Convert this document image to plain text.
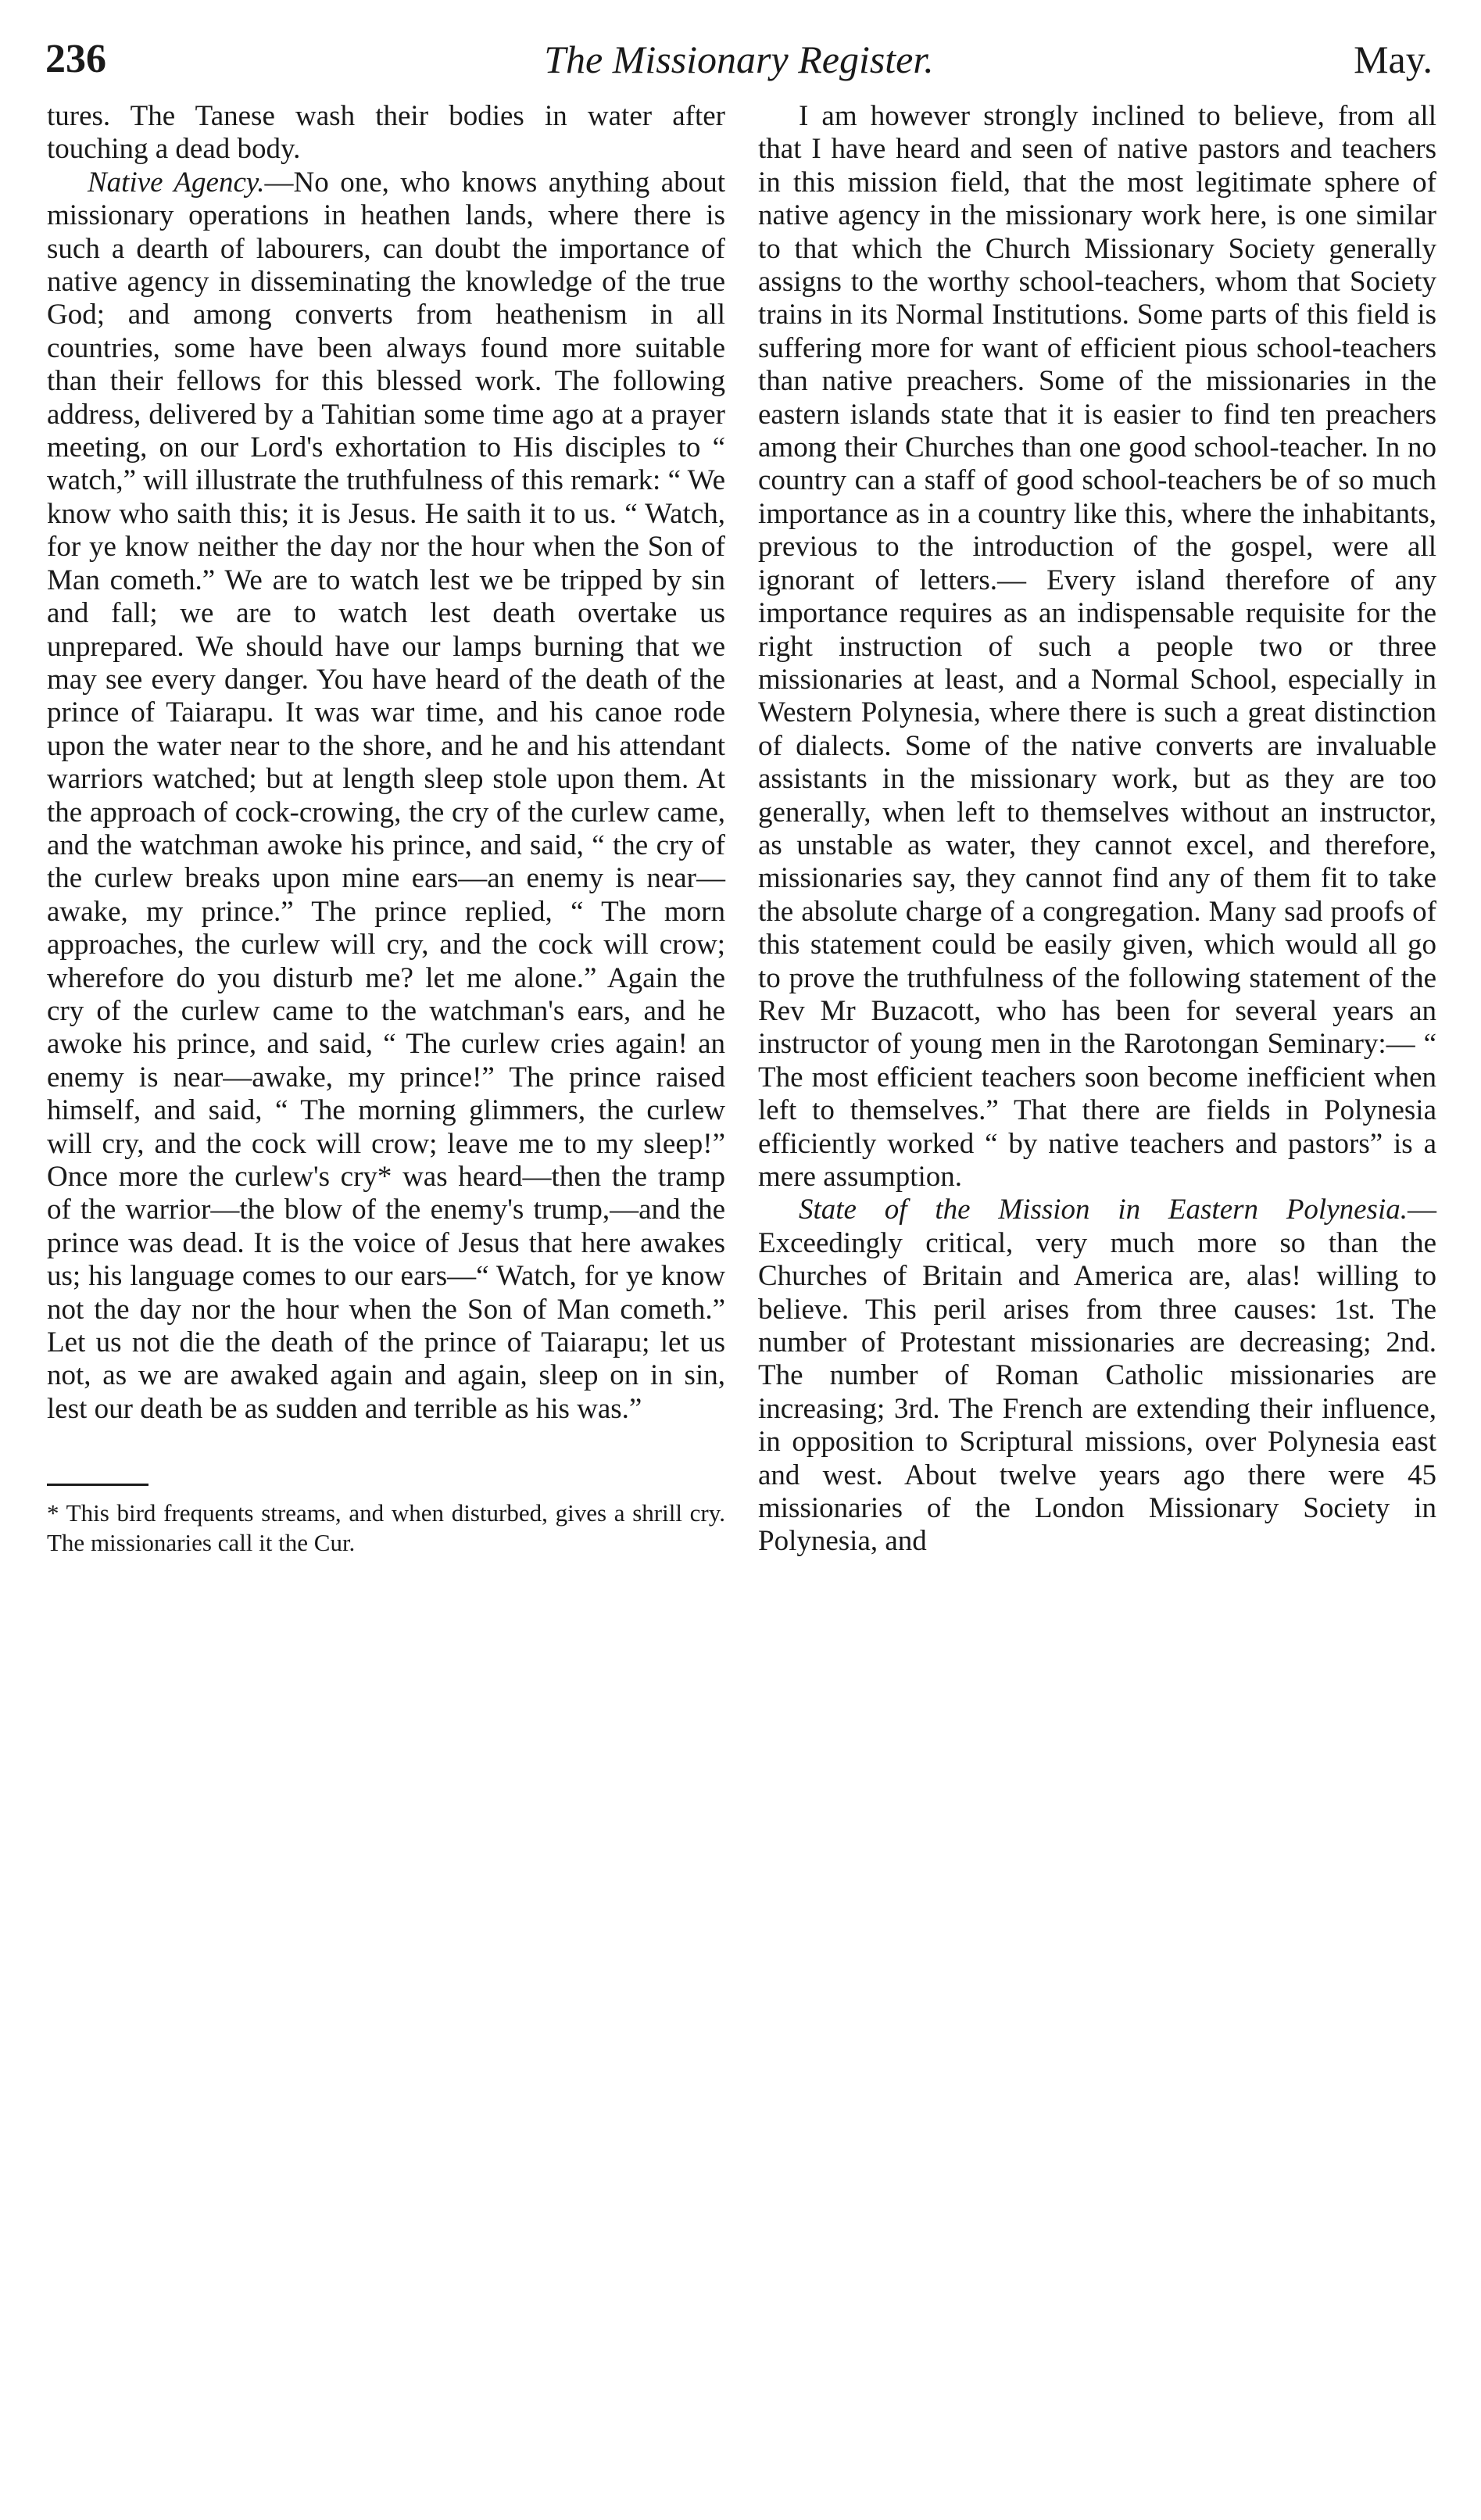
236	The Missionary Register.	May.

tures. The Tanese wash their bodies in water after touching a dead body.

Native Agency.—No one, who knows anything about missionary operations in heathen lands, where there is such a dearth of labourers, can doubt the importance of native agency in disseminating the knowledge of the true God; and among converts from heathenism in all countries, some have been always found more suitable than their fellows for this blessed work. The following address, delivered by a Tahitian some time ago at a prayer meeting, on our Lord's exhortation to His disciples to “ watch,” will illustrate the truthfulness of this remark: “ We know who saith this; it is Jesus. He saith it to us. “ Watch, for ye know neither the day nor the hour when the Son of Man cometh.” We are to watch lest we be tripped by sin and fall; we are to watch lest death overtake us unprepared. We should have our lamps burning that we may see every danger. You have heard of the death of the prince of Taiarapu. It was war time, and his canoe rode upon the water near to the shore, and he and his attendant warriors watched; but at length sleep stole upon them. At the approach of cock-crowing, the cry of the curlew came, and the watchman awoke his prince, and said, “ the cry of the curlew breaks upon mine ears—an enemy is near—awake, my prince.” The prince replied, “ The morn approaches, the curlew will cry, and the cock will crow; wherefore do you disturb me? let me alone.” Again the cry of the curlew came to the watchman's ears, and he awoke his prince, and said, “ The curlew cries again! an enemy is near—awake, my prince!” The prince raised himself, and said, “ The morning glimmers, the curlew will cry, and the cock will crow; leave me to my sleep!” Once more the curlew's cry* was heard—then the tramp of the warrior—the blow of the enemy's trump,—and the prince was dead. It is the voice of Jesus that here awakes us; his language comes to our ears—“ Watch, for ye know not the day nor the hour when the Son of Man cometh.” Let us not die the death of the prince of Taiarapu; let us not, as we are awaked again and again, sleep on in sin, lest our death be as sudden and terrible as his was.”

* This bird frequents streams, and when disturbed, gives a shrill cry. The missionaries call it the Cur.

I am however strongly inclined to believe, from all that I have heard and seen of native pastors and teachers in this mission field, that the most legitimate sphere of native agency in the missionary work here, is one similar to that which the Church Missionary Society generally assigns to the worthy school-teachers, whom that Society trains in its Normal Institutions. Some parts of this field is suffering more for want of efficient pious school-teachers than native preachers. Some of the missionaries in the eastern islands state that it is easier to find ten preachers among their Churches than one good school-teacher. In no country can a staff of good school-teachers be of so much importance as in a country like this, where the inhabitants, previous to the introduction of the gospel, were all ignorant of letters.— Every island therefore of any importance requires as an indispensable requisite for the right instruction of such a people two or three missionaries at least, and a Normal School, especially in Western Polynesia, where there is such a great distinction of dialects. Some of the native converts are invaluable assistants in the missionary work, but as they are too generally, when left to themselves without an instructor, as unstable as water, they cannot excel, and therefore, missionaries say, they cannot find any of them fit to take the absolute charge of a congregation. Many sad proofs of this statement could be easily given, which would all go to prove the truthfulness of the following statement of the Rev Mr Buzacott, who has been for several years an instructor of young men in the Rarotongan Seminary:— “ The most efficient teachers soon become inefficient when left to themselves.” That there are fields in Polynesia efficiently worked “ by native teachers and pastors” is a mere assumption.

State of the Mission in Eastern Polynesia.—Exceedingly critical, very much more so than the Churches of Britain and America are, alas! willing to believe. This peril arises from three causes: 1st. The number of Protestant missionaries are decreasing; 2nd. The number of Roman Catholic missionaries are increasing; 3rd. The French are extending their influence, in opposition to Scriptural missions, over Polynesia east and west. About twelve years ago there were 45 missionaries of the London Missionary Society in Polynesia, and
